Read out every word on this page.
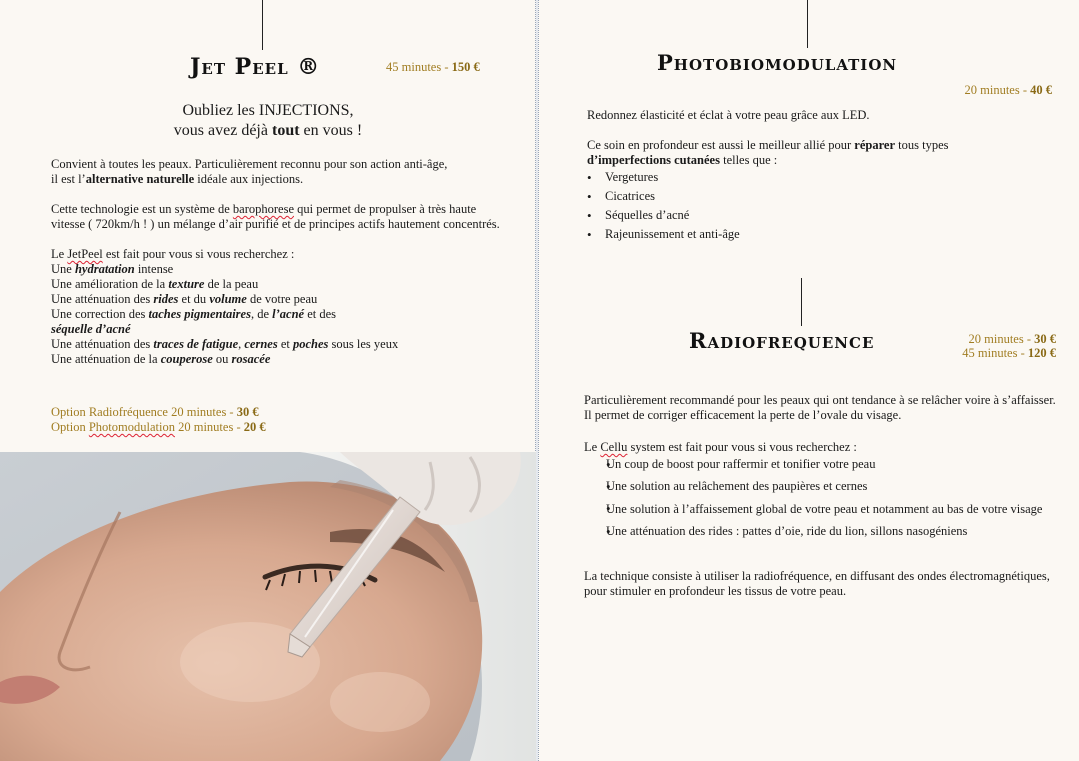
Jet Peel ®	45 minutes - 150 €
Oubliez les INJECTIONS,
vous avez déjà tout en vous !
Convient à toutes les peaux. Particulièrement reconnu pour son action anti-âge,
il est l’alternative naturelle idéale aux injections.
Cette technologie est un système de barophorese qui permet de propulser à très haute vitesse ( 720km/h ! ) un mélange d’air purifié et de principes actifs hautement concentrés.
Le JetPeel est fait pour vous si vous recherchez :
Une hydratation intense
Une amélioration de la texture de la peau
Une atténuation des rides et du volume de votre peau
Une correction des taches pigmentaires, de l’acné et des
séquelle d’acné
Une atténuation des traces de fatigue, cernes et poches sous les yeux
Une atténuation de la couperose ou rosacée
Option Radiofréquence 20 minutes - 30 €
Option Photomodulation 20 minutes - 20 €
Photobiomodulation
20 minutes - 40 €
Redonnez élasticité et éclat à votre peau grâce aux LED.
Ce soin en profondeur est aussi le meilleur allié pour réparer tous types
d’imperfections cutanées telles que :
• Vergetures
• Cicatrices
• Séquelles d’acné
• Rajeunissement et anti-âge
Radiofrequence	20 minutes - 30 €
45 minutes - 120 €
Particulièrement recommandé pour les peaux qui ont tendance à se relâcher voire à s’affaisser. Il permet de corriger efficacement la perte de l’ovale du visage.
Le Cellu system est fait pour vous si vous recherchez :
• Un coup de boost pour raffermir et tonifier votre peau
• Une solution au relâchement des paupières et cernes
• Une solution à l’affaissement global de votre peau et notamment au bas de votre visage
• Une atténuation des rides : pattes d’oie, ride du lion, sillons nasogéniens
La technique consiste à utiliser la radiofréquence, en diffusant des ondes électromagnétiques, pour stimuler en profondeur les tissus de votre peau.
